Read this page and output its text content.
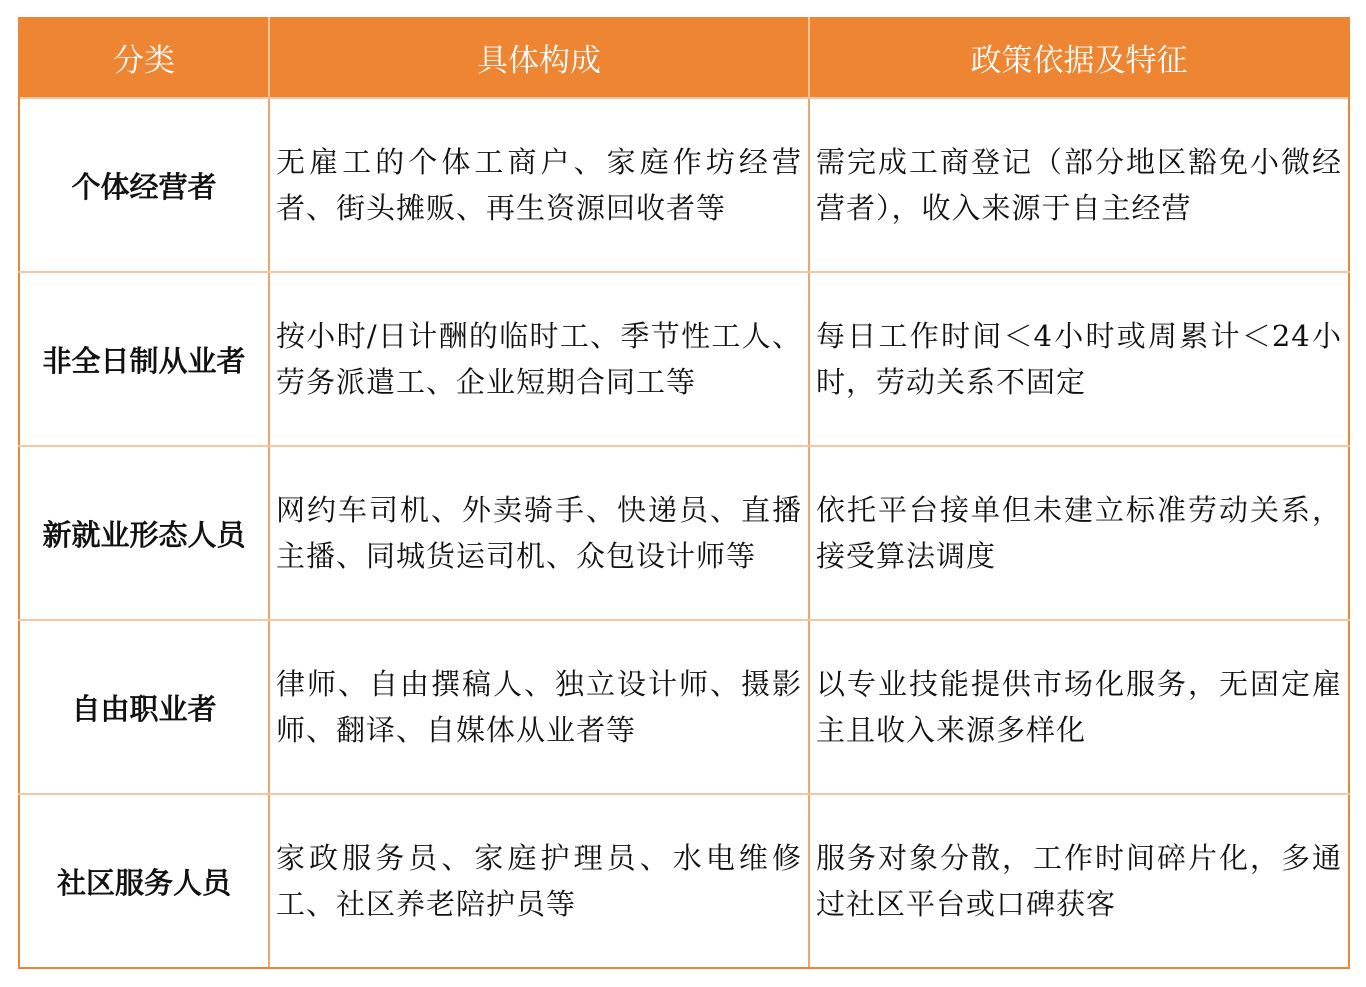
分类	具体构成	政策依据及特征
个体经营者	无雇工的个体工商户、家庭作坊经营者、街头摊贩、再生资源回收者等	需完成工商登记（部分地区豁免小微经营者），收入来源于自主经营
非全日制从业者	按小时/日计酬的临时工、季节性工人、劳务派遣工、企业短期合同工等	每日工作时间＜4小时或周累计＜24小时，劳动关系不固定
新就业形态人员	网约车司机、外卖骑手、快递员、直播主播、同城货运司机、众包设计师等	依托平台接单但未建立标准劳动关系，接受算法调度
自由职业者	律师、自由撰稿人、独立设计师、摄影师、翻译、自媒体从业者等	以专业技能提供市场化服务，无固定雇主且收入来源多样化
社区服务人员	家政服务员、家庭护理员、水电维修工、社区养老陪护员等	服务对象分散，工作时间碎片化，多通过社区平台或口碑获客
